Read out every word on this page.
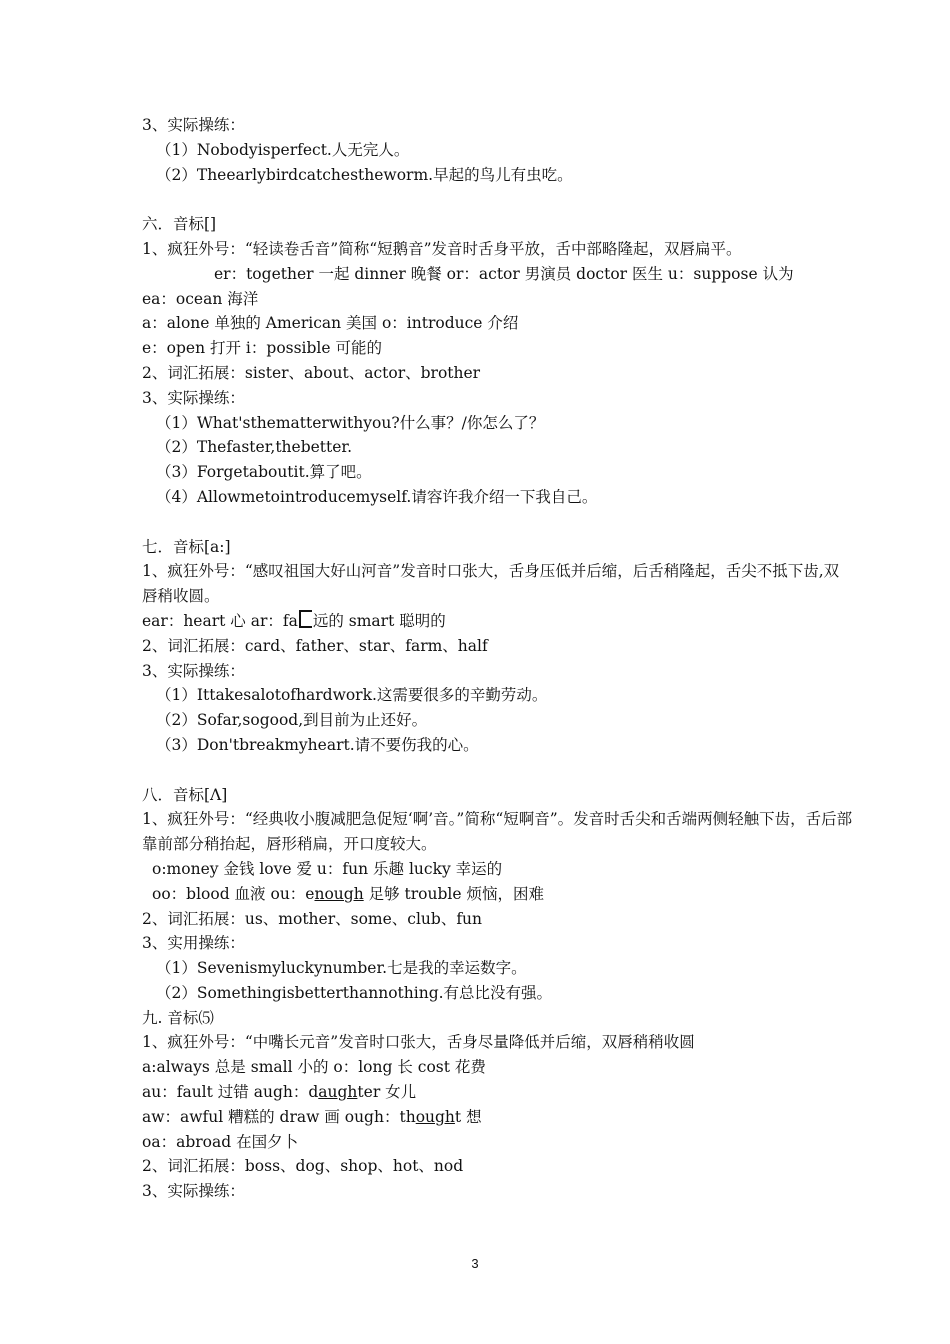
3、实际操练：
（1）Nobodyisperfect.人无完人。
（2）Theearlybirdcatchestheworm.早起的鸟儿有虫吃。
六．音标[]
1、疯狂外号：“轻读卷舌音”简称“短鹅音”发音时舌身平放，舌中部略隆起，双唇扁平。
er：together 一起 dinner 晚餐 or：actor 男演员 doctor 医生 u：suppose 认为
ea：ocean 海洋
a：alone 单独的 American 美国 o：introduce 介绍
e：open 打开 i：possible 可能的
2、词汇拓展：sister、about、actor、brother
3、实际操练：
（1）What'sthematterwithyou?什么事？/你怎么了？
（2）Thefaster,thebetter.
（3）Forgetaboutit.算了吧。
（4）Allowmetointroducemyself.请容许我介绍一下我自己。
七．音标[a:]
1、疯狂外号：“感叹祖国大好山河音”发音时口张大，舌身压低并后缩，后舌稍隆起，舌尖不抵下齿,双唇稍收圆。
ear：heart 心 ar：fa 远的 smart 聪明的
2、词汇拓展：card、father、star、farm、half
3、实际操练：
（1）Ittakesalotofhardwork.这需要很多的辛勤劳动。
（2）Sofar,sogood,到目前为止还好。
（3）Don'tbreakmyheart.请不要伤我的心。
八．音标[Λ]
1、疯狂外号：“经典收小腹减肥急促短‘啊’音。”简称“短啊音”。发音时舌尖和舌端两侧轻触下齿，舌后部靠前部分稍抬起，唇形稍扁，开口度较大。
o:money 金钱 love 爱 u：fun 乐趣 lucky 幸运的
oo：blood 血液 ou：enough 足够 trouble 烦恼，困难
2、词汇拓展：us、mother、some、club、fun
3、实用操练：
（1）Sevenismyluckynumber.七是我的幸运数字。
（2）Somethingisbetterthannothing.有总比没有强。
九. 音标⑸
1、疯狂外号：“中嘴长元音”发音时口张大，舌身尽量降低并后缩，双唇稍稍收圆
a:always 总是 small 小的 o：long 长 cost 花费
au：fault 过错 augh：daughter 女儿
aw：awful 糟糕的 draw 画 ough：thought 想
oa：abroad 在国夕卜
2、词汇拓展：boss、dog、shop、hot、nod
3、实际操练：
3
